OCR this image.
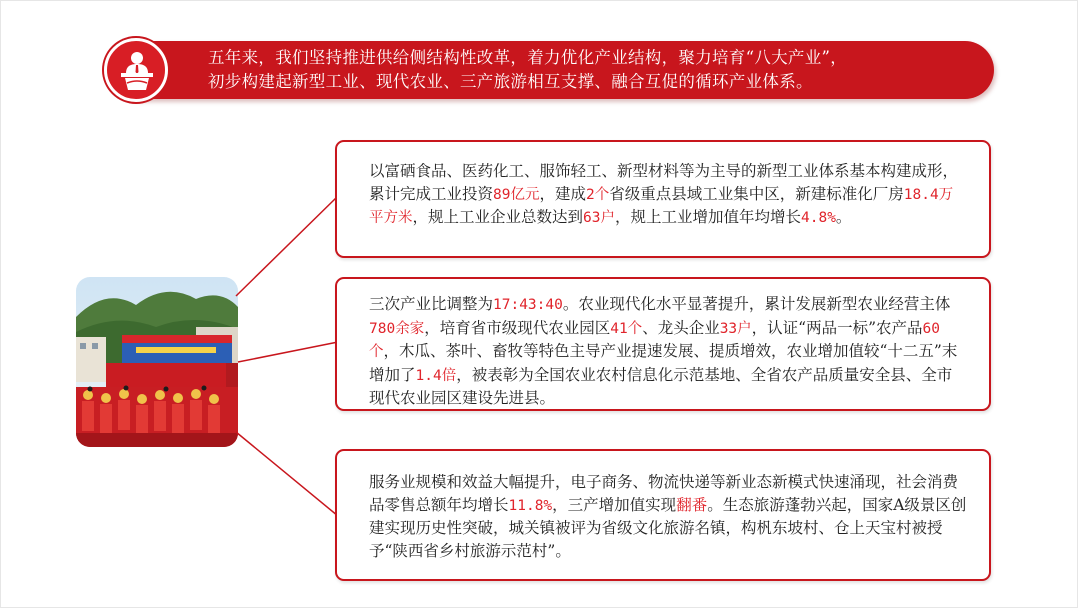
五年来，我们坚持推进供给侧结构性改革，着力优化产业结构，聚力培育“八大产业”，
初步构建起新型工业、现代农业、三产旅游相互支撑、融合互促的循环产业体系。

以富硒食品、医药化工、服饰轻工、新型材料等为主导的新型工业体系基本构建成形，累计完成工业投资89亿元，建成2个省级重点县域工业集中区，新建标准化厂房18.4万平方米，规上工业企业总数达到63户，规上工业增加值年均增长4.8%。

三次产业比调整为17:43:40。农业现代化水平显著提升，累计发展新型农业经营主体780余家，培育省市级现代农业园区41个、龙头企业33户，认证“两品一标”农产品60个，木瓜、茶叶、畜牧等特色主导产业提速发展、提质增效，农业增加值较“十二五”末增加了1.4倍，被表彰为全国农业农村信息化示范基地、全省农产品质量安全县、全市现代农业园区建设先进县。

服务业规模和效益大幅提升，电子商务、物流快递等新业态新模式快速涌现，社会消费品零售总额年均增长11.8%，三产增加值实现翻番。生态旅游蓬勃兴起，国家A级景区创建实现历史性突破，城关镇被评为省级文化旅游名镇，构杋东坡村、仓上天宝村被授予“陕西省乡村旅游示范村”。
